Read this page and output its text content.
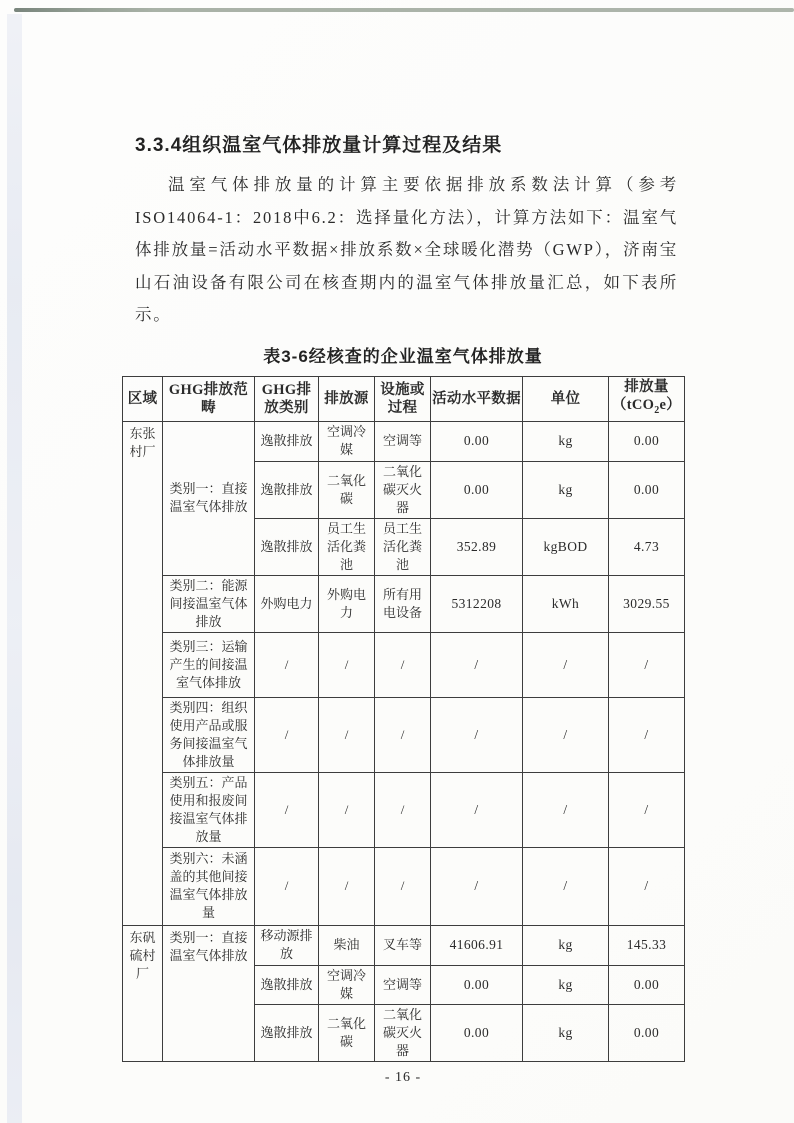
3.3.4组织温室气体排放量计算过程及结果

温室气体排放量的计算主要依据排放系数法计算（参考ISO14064-1：2018中6.2：选择量化方法），计算方法如下：温室气体排放量=活动水平数据×排放系数×全球暖化潜势（GWP），济南宝山石油设备有限公司在核查期内的温室气体排放量汇总，如下表所示。

表3-6经核查的企业温室气体排放量
区域	GHG排放范畴	GHG排放类别	排放源	设施或过程	活动水平数据	单位	排放量
（tCO$_2$e）
东张村厂	类别一：直接温室气体排放	逸散排放	空调冷媒	空调等	0.00	kg	0.00
		逸散排放	二氧化碳	二氧化碳灭火器	0.00	kg	0.00
		逸散排放	员工生活化粪池	员工生活化粪池	352.89	kgBOD	4.73
	类别二：能源间接温室气体排放	外购电力	外购电力	所有用电设备	5312208	kWh	3029.55
	类别三：运输产生的间接温室气体排放	/	/	/	/	/	/
	类别四：组织使用产品或服务间接温室气体排放量	/	/	/	/	/	/
	类别五：产品使用和报废间接温室气体排放量	/	/	/	/	/	/
	类别六：未涵盖的其他间接温室气体排放量	/	/	/	/	/	/
东矾硫村厂	类别一：直接温室气体排放	移动源排放	柴油	叉车等	41606.91	kg	145.33
		逸散排放	空调冷媒	空调等	0.00	kg	0.00
		逸散排放	二氧化碳	二氧化碳灭火器	0.00	kg	0.00
- 16 -
